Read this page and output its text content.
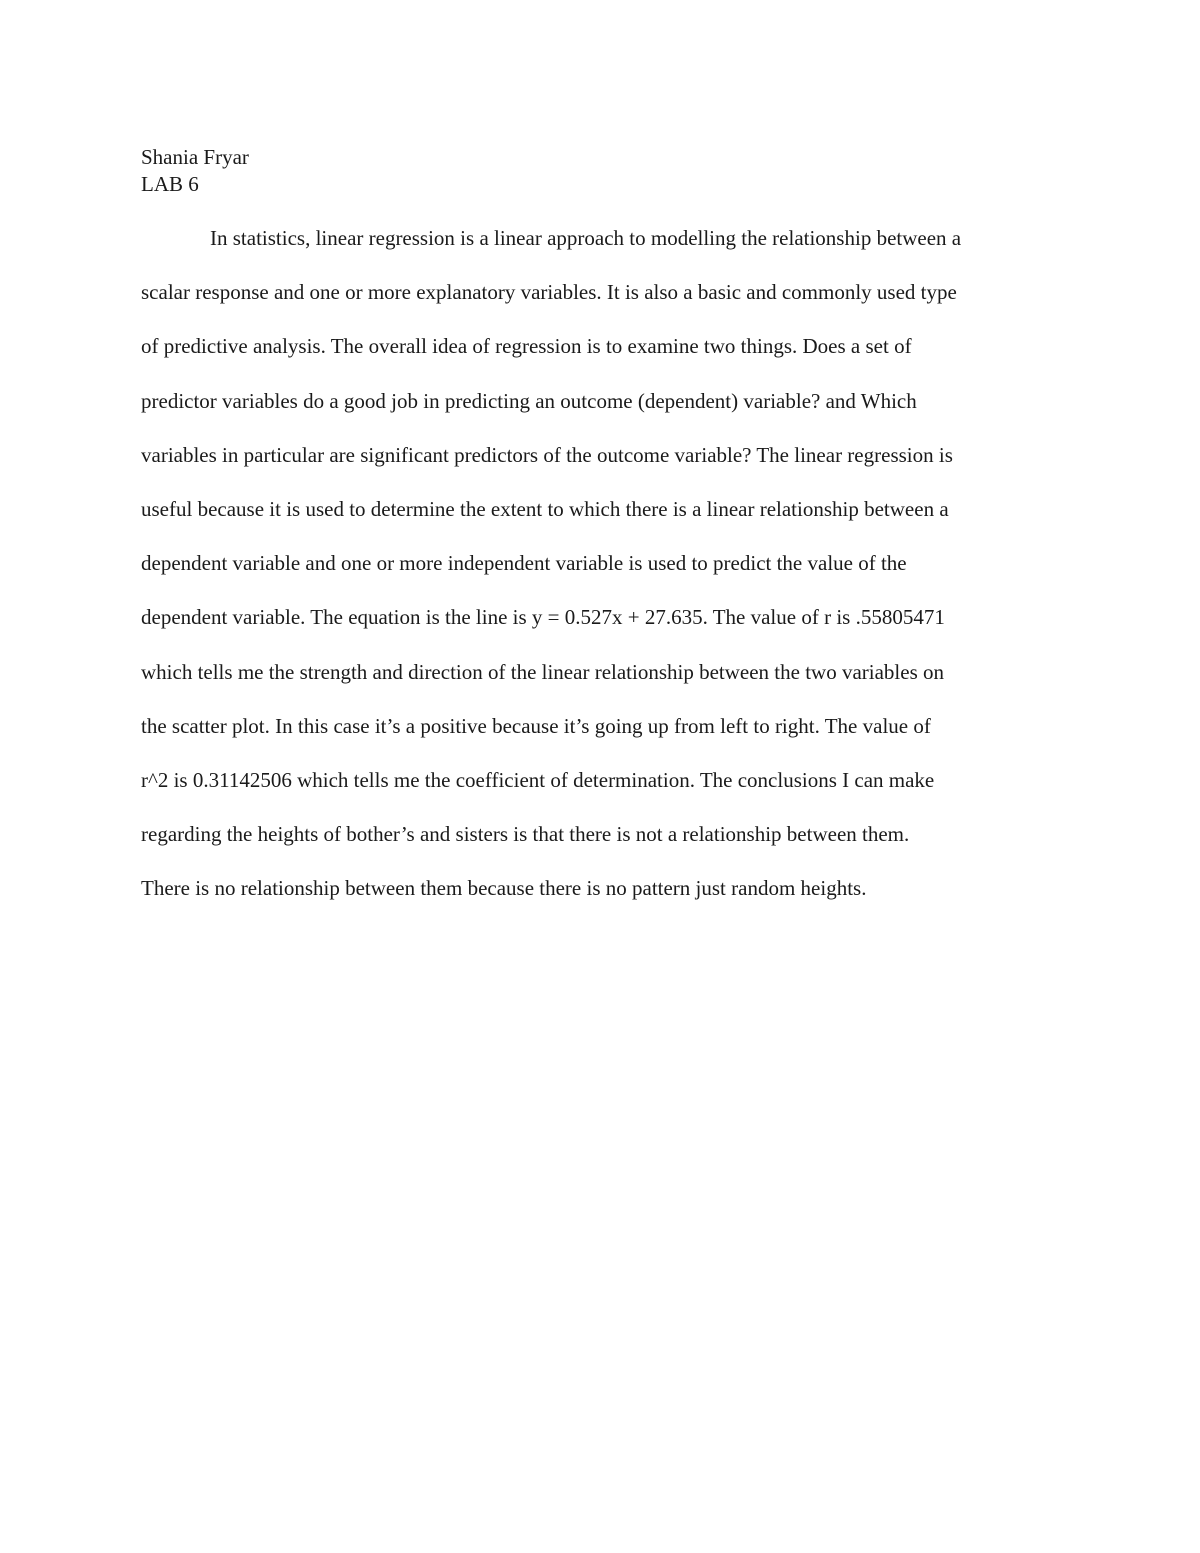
Shania Fryar
LAB 6
In statistics, linear regression is a linear approach to modelling the relationship between a
scalar response and one or more explanatory variables. It is also a basic and commonly used type
of predictive analysis. The overall idea of regression is to examine two things. Does a set of
predictor variables do a good job in predicting an outcome (dependent) variable? and Which
variables in particular are significant predictors of the outcome variable? The linear regression is
useful because it is used to determine the extent to which there is a linear relationship between a
dependent variable and one or more independent variable is used to predict the value of the
dependent variable. The equation is the line is y = 0.527x + 27.635. The value of r is .55805471
which tells me the strength and direction of the linear relationship between the two variables on
the scatter plot. In this case it’s a positive because it’s going up from left to right. The value of
r^2 is 0.31142506 which tells me the coefficient of determination. The conclusions I can make
regarding the heights of bother’s and sisters is that there is not a relationship between them.
There is no relationship between them because there is no pattern just random heights.
